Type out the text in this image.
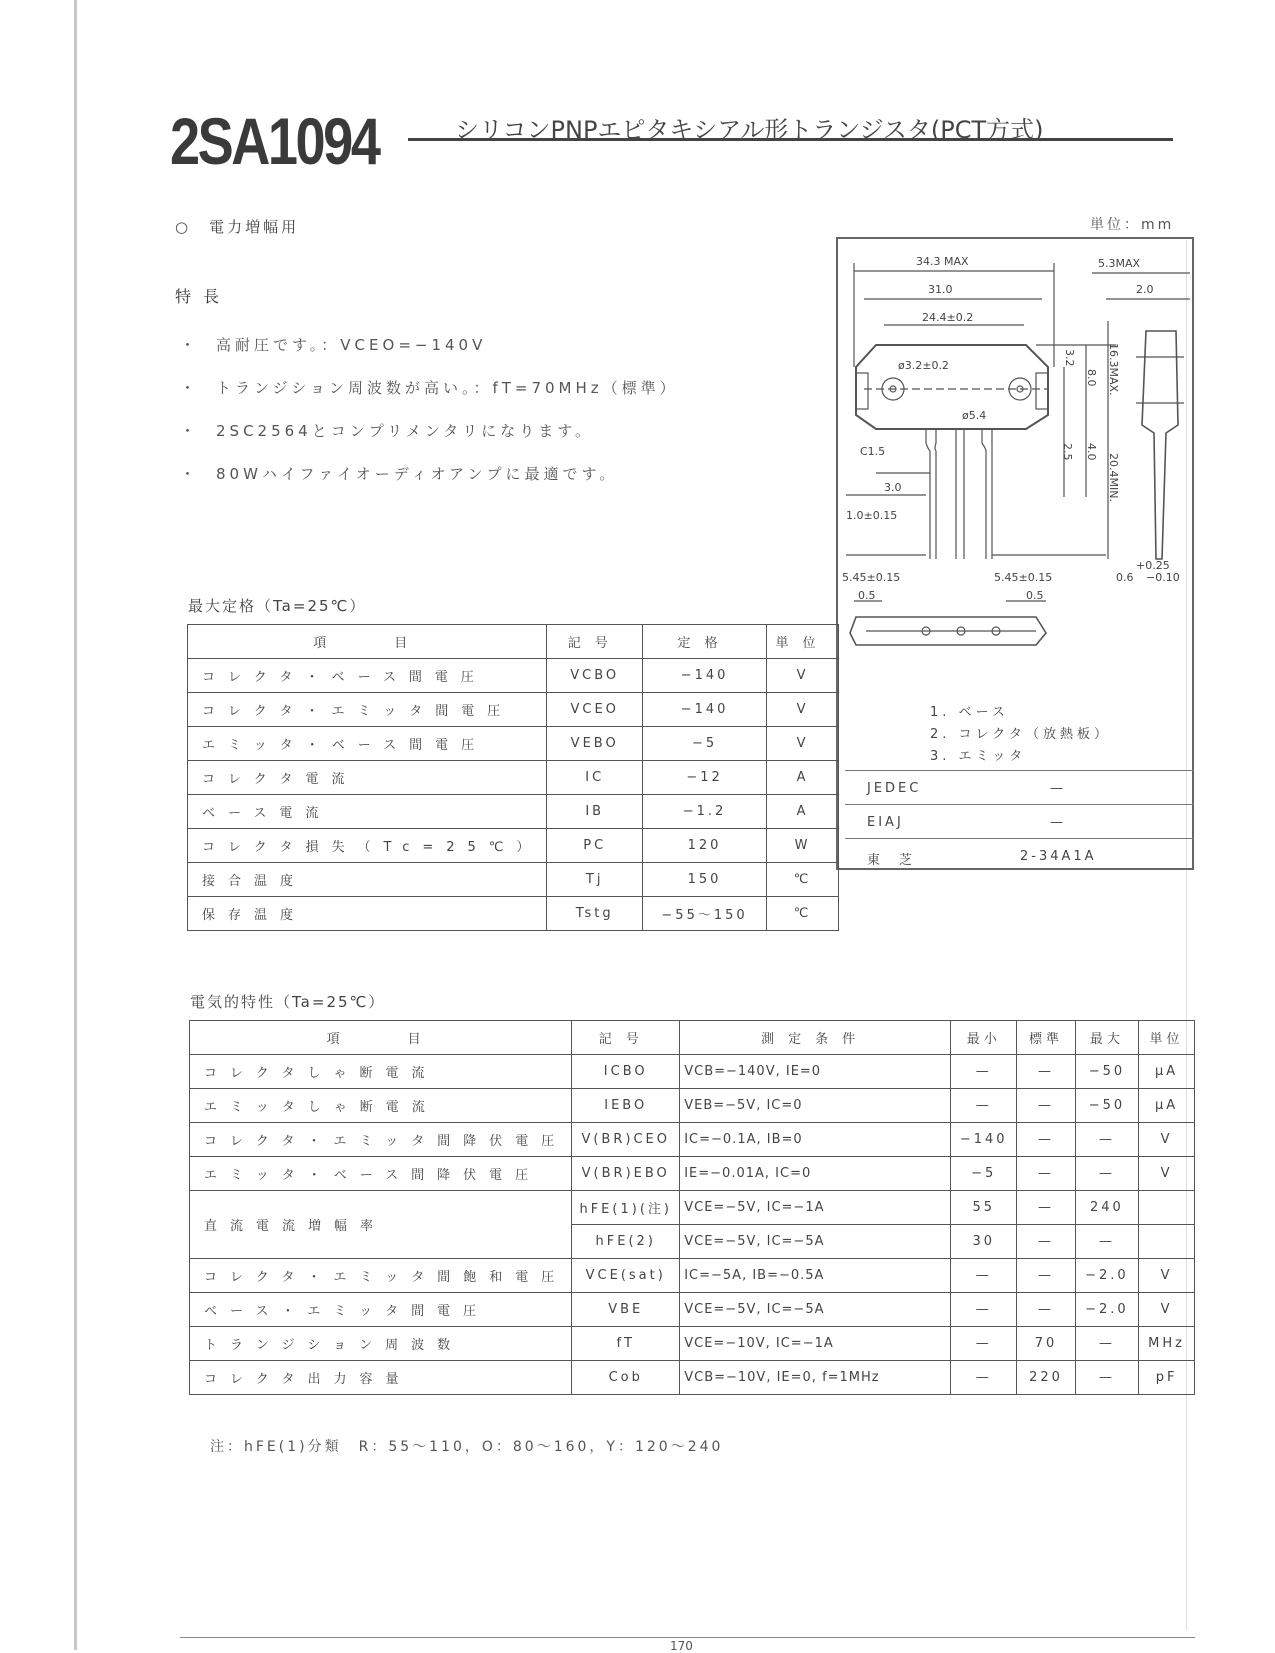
2SA1094	シリコンPNPエピタキシアル形トランジスタ(PCT方式)
○　電力増幅用	単位：mm
特長
・ 高耐圧です。：VCEO=−140V
・ トランジション周波数が高い。：fT=70MHz（標準）
・ 2SC2564とコンプリメンタリになります。
・ 80Wハイファイオーディオアンプに最適です。
34.3 MAX
31.0
24.4±0.2
5.3MAX
2.0
ø3.2±0.2
ø5.4
C1.5
3.0
1.0±0.15
5.45±0.15	5.45±0.15	0.6
+0.25
−0.10
3.2
8.0 16.3MAX.
2.5 4.0
20.4MIN.
0.5	0.5
1. ベース
2. コレクタ（放熱板）
3. エミッタ
JEDEC	—
EIAJ	—
東　芝	2-34A1A
最大定格（Ta=25℃）
項　　目	記号	定格	単位
コレクタ・ベース間電圧	VCBO	−140	V
コレクタ・エミッタ間電圧	VCEO	−140	V
エミッタ・ベース間電圧	VEBO	−5	V
コレクタ電流	IC	−12	A
ベース電流	IB	−1.2	A
コレクタ損失（Tc=25℃）	PC	120	W
接合温度	Tj	150	℃
保存温度	Tstg	−55〜150	℃
電気的特性（Ta=25℃）
項　　目	記号	測定条件	最小	標準	最大	単位
コレクタしゃ断電流	ICBO	VCB=−140V, IE=0	—	—	−50	μA
エミッタしゃ断電流	IEBO	VEB=−5V, IC=0	—	—	−50	μA
コレクタ・エミッタ間降伏電圧	V(BR)CEO	IC=−0.1A, IB=0	−140	—	—	V
エミッタ・ベース間降伏電圧	V(BR)EBO	IE=−0.01A, IC=0	−5	—	—	V
直流電流増幅率	hFE(1)(注)	VCE=−5V, IC=−1A	55	—	240	
	hFE(2)	VCE=−5V, IC=−5A	30	—	—	
コレクタ・エミッタ間飽和電圧	VCE(sat)	IC=−5A, IB=−0.5A	—	—	−2.0	V
ベース・エミッタ間電圧	VBE	VCE=−5V, IC=−5A	—	—	−2.0	V
トランジション周波数	fT	VCE=−10V, IC=−1A	—	70	—	MHz
コレクタ出力容量	Cob	VCB=−10V, IE=0, f=1MHz	—	220	—	pF
注：hFE(1)分類　R：55〜110，O：80〜160，Y：120〜240
170
